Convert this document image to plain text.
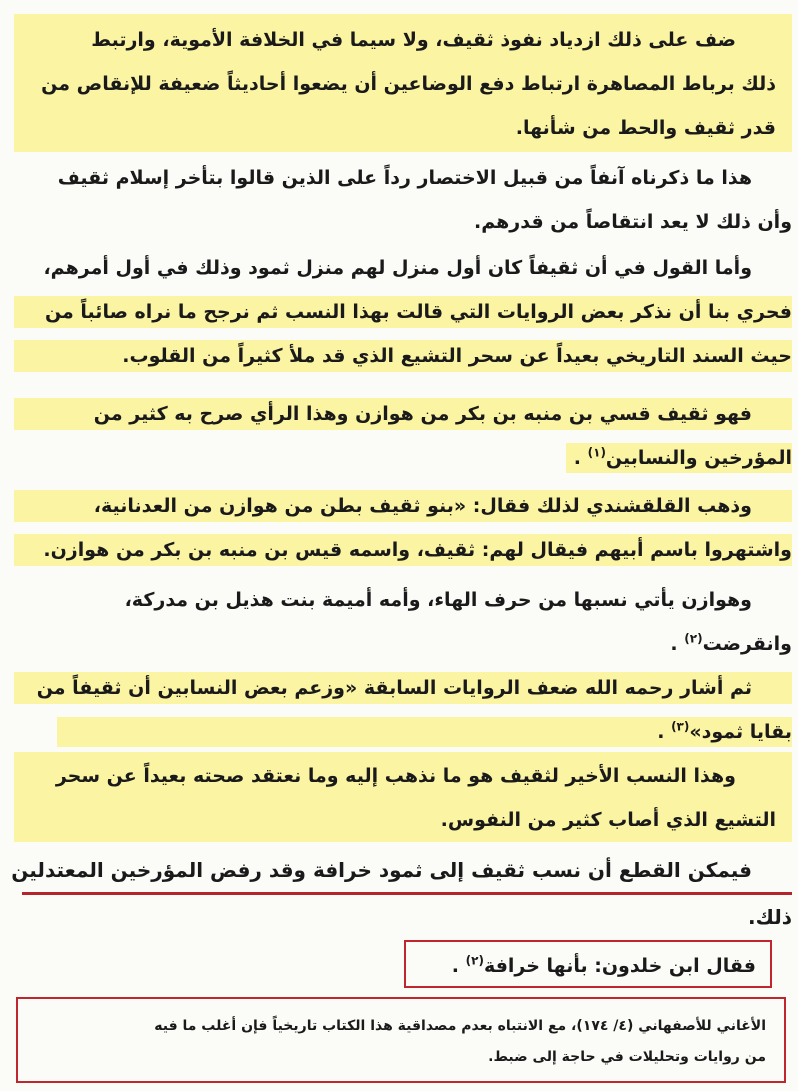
ضف على ذلك ازدياد نفوذ ثقيف، ولا سيما في الخلافة الأموية، وارتبط
ذلك برباط المصاهرة ارتباط دفع الوضاعين أن يضعوا أحاديثاً ضعيفة للإنقاص من
قدر ثقيف والحط من شأنها.
هذا ما ذكرناه آنفاً من قبيل الاختصار رداً على الذين قالوا بتأخر إسلام ثقيف
وأن ذلك لا يعد انتقاصاً من قدرهم.
وأما القول في أن ثقيفاً كان أول منزل لهم منزل ثمود وذلك في أول أمرهم،
فحري بنا أن نذكر بعض الروايات التي قالت بهذا النسب ثم نرجح ما نراه صائباً من
حيث السند التاريخي بعيداً عن سحر التشيع الذي قد ملأ كثيراً من القلوب.
فهو ثقيف قسي بن منبه بن بكر من هوازن وهذا الرأي صرح به كثير من
المؤرخين والنسابين$^{(١)}$ .
وذهب القلقشندي لذلك فقال: «بنو ثقيف بطن من هوازن من العدنانية،
واشتهروا باسم أبيهم فيقال لهم: ثقيف، واسمه قيس بن منبه بن بكر من هوازن.
وهوازن يأتي نسبها من حرف الهاء، وأمه أميمة بنت هذيل بن مدركة،
وانقرضت$^{(٢)}$ .
ثم أشار رحمه الله ضعف الروايات السابقة «وزعم بعض النسابين أن ثقيفاً من
بقايا ثمود»$^{(٣)}$ .
وهذا النسب الأخير لثقيف هو ما نذهب إليه وما نعتقد صحته بعيداً عن سحر
التشيع الذي أصاب كثير من النفوس.
فيمكن القطع أن نسب ثقيف إلى ثمود خرافة وقد رفض المؤرخين المعتدلين
ذلك.
فقال ابن خلدون: بأنها خرافة$^{(٢)}$ .
الأغاني للأصفهاني (٤/ ١٧٤)، مع الانتباه بعدم مصداقية هذا الكتاب تاريخياً فإن أغلب ما فيه
من روايات وتحليلات في حاجة إلى ضبط.
